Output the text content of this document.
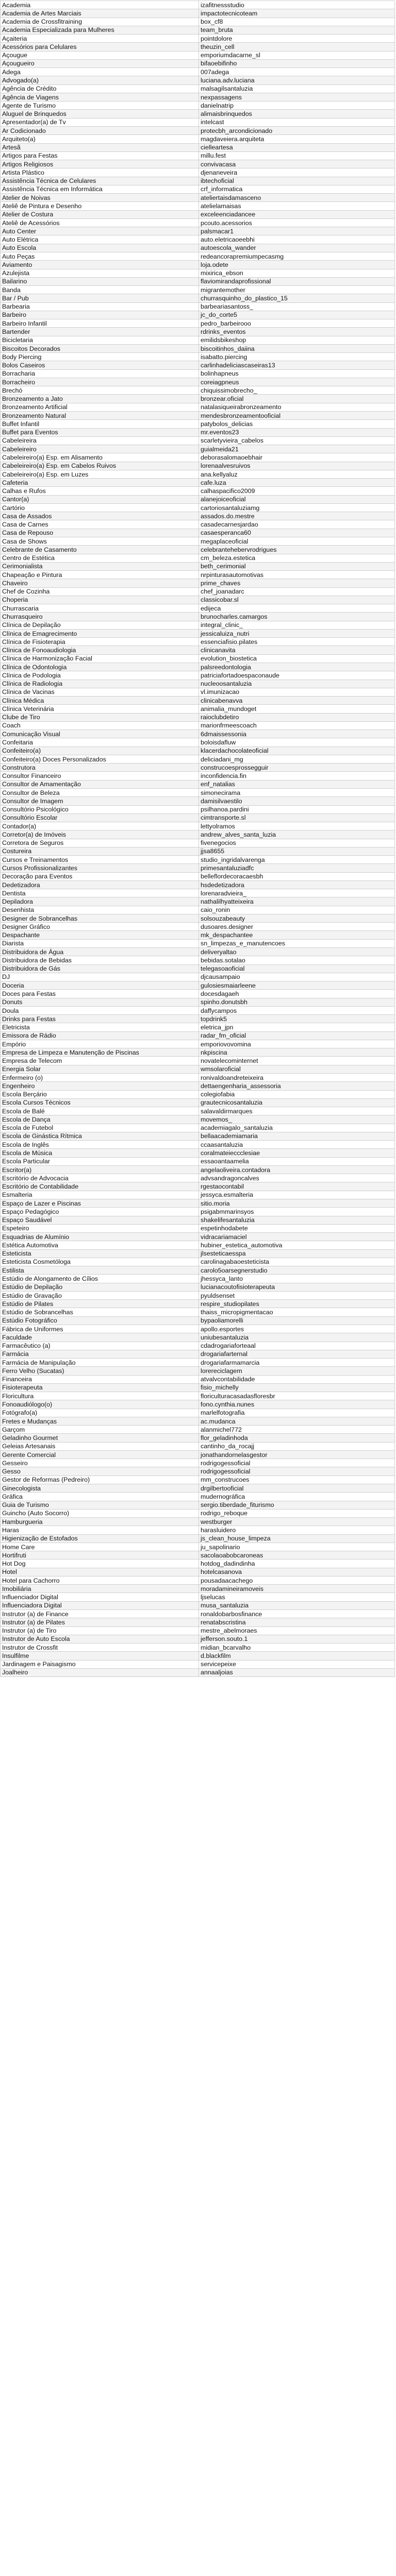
Academia	izafitnessstudio
Academia de Artes Marciais	impactotecnicoteam
Academia de Crossfitraining	box_cf8
Academia Especializada para Mulheres	team_bruta
Açaiteria	pointdolore
Acessórios para Celulares	theuzin_cell
Açougue	emporiumdacarne_sl
Açougueiro	bifaoebifinho
Adega	007adega
Advogado(a)	luciana.adv.luciana
Agência de Crédito	malsagilsantaluzia
Agência de Viagens	nexpassagens
Agente de Turismo	danielnatrip
Aluguel de Brinquedos	alimaisbrinquedos
Apresentador(a) de Tv	intelcast
Ar Codicionado	protecbh_arcondicionado
Arquiteto(a)	magdaveiera.arquiteta
Artesã	cielleartesa
Artigos para Festas	millu.fest
Artigos Religiosos	convivacasa
Artista Plástico	djenaneveira
Assistência Técnica de Celulares	ibtechoficial
Assistência Técnica em Informática	crf_informatica
Atelier de Noivas	ateliertaisdamasceno
Ateliê de Pintura e Desenho	atelielamaisas
Atelier de Costura	exceleenciadancee
Ateliê de Acessórios	pcouto.acessorios
Auto Center	palsmacar1
Auto Elétrica	auto.eletricaoeebhi
Auto Escola	autoescola_wander
Auto Peças	redeancorapremiumpecasmg
Aviamento	loja.odete
Azulejista	mixirica_ebson
Bailarino	flaviomirandaprofissional
Banda	migrantemother
Bar / Pub	churrasquinho_do_plastico_15
Barbearia	barbeariasantoss_
Barbeiro	jc_do_corte5
Barbeiro Infantil	pedro_barbeirooo
Bartender	rdrinks_eventos
Bicicletaria	emilidsbikeshop
Biscoitos Decorados	biscoitinhos_daiina
Body Piercing	isabatto.piercing
Bolos Caseiros	carlinhadeliciascaseiras13
Borracharia	bolinhapneus
Borracheiro	coreiagpneus
Brechó	chiquissimobrecho_
Bronzeamento a Jato	bronzear.oficial
Bronzeamento Artificial	natalasiqueirabronzeamento
Bronzeamento Natural	mendesbronzeamentooficial
Buffet Infantil	patybolos_delicias
Buffet para Eventos	mr.eventos23
Cabeleireira	scarletyvieira_cabelos
Cabeleireiro	guialmeida21
Cabeleireiro(a) Esp. em Alisamento	deborasalomaoebhair
Cabeleireiro(a) Esp. em Cabelos Ruivos	lorenaalvesruivos
Cabeleireiro(a) Esp. em Luzes	ana.kellyaluz
Cafeteria	cafe.luza
Calhas e Rufos	calhaspacifico2009
Cantor(a)	alanejoiceoficial
Cartório	cartoriosantaluziamg
Casa de Assados	assados.do.mestre
Casa de Carnes	casadecarnesjardao
Casa de Repouso	casaesperanca60
Casa de Shows	megaplaceoficial
Celebrante de Casamento	celebrantehebervrodrigues
Centro de Estética	cm_beleza.estetica
Cerimonialista	beth_cerimonial
Chapeação e Pintura	nrpinturasautomotivas
Chaveiro	prime_chaves
Chef de Cozinha	chef_joanadarc
Choperia	classicobar.sl
Churrascaria	edijeca
Churrasqueiro	brunocharles.camargos
Clínica de Depilação	integral_clinic_
Clínica de Emagrecimento	jessicaluiza_nutri
Clínica de Fisioterapia	essenciafisio.pilates
Clínica de Fonoaudiologia	clinicanavita
Clínica de Harmonização Facial	evolution_biostetica
Clínica de Odontologia	palsreedontologia
Clínica de Podologia	patriciafortadoespaconaude
Clínica de Radiologia	nucleoosantaluzia
Clínica de Vacinas	vl.imunizacao
Clínica Médica	clinicabenavva
Clínica Veterinária	animalia_mundoget
Clube de Tiro	raioclubdetiro
Coach	marionfrmeescoach
Comunicação Visual	6dmaissessonia
Confeitaria	boloisdafluw
Confeiteiro(a)	klacerdachocolateoficial
Confeiteiro(a) Doces Personalizados	deliciadani_mg
Construtora	construcoesprossegguir
Consultor Financeiro	inconfidencia.fin
Consultor de Amamentação	enf_natalias
Consultor de Beleza	simonecirama
Consultor de Imagem	damisilvaestilo
Consultório Psicológico	psilhanoa.pardini
Consultório Escolar	cimtransporte.sl
Contador(a)	lettyolramos
Corretor(a) de Imóveis	andrew_alves_santa_luzia
Corretora de Seguros	fivenegocios
Costureira	jjsa8655
Cursos e Treinamentos	studio_ingridalvarenga
Cursos Profissionalizantes	primesantaluziadfc
Decoração para Eventos	belleflordecoracaesbh
Dedetizadora	hsdedetizadora
Dentista	lorenaradvieira_
Depiladora	nathalilhyatteixeira
Desenhista	caio_ronin
Designer de Sobrancelhas	solsouzabeauty
Designer Gráfico	dusoares.designer
Despachante	mk_despachantee
Diarista	sn_limpezas_e_manutencoes
Distribuidora de Água	deliveryaltao
Distribuidora de Bebidas	bebidas.sotalao
Distribuidora de Gás	telegasoaoficial
DJ	djcausampaio
Doceria	gulosiesmaiarleene
Doces para Festas	docesdagaeh
Donuts	spinho.donutsbh
Doula	daffycampos
Drinks para Festas	topdrink5
Eletricista	eletrica_jpn
Emissora de Rádio	radar_fm_oficial
Empório	emporiovovomina
Empresa de Limpeza e Manutenção de Piscinas	nkpiscina
Empresa de Telecom	novatelecominternet
Energia Solar	wmsolaroficial
Enfermeiro (o)	ronivaldoandreteixeira
Engenheiro	dettaengenharia_assessoria
Escola Berçário	colegiofabia
Escola Cursos Técnicos	grautecnicosantaluzia
Escola de Balé	salavaldirmarques
Escola de Dança	movemos_
Escola de Futebol	academiagalo_santaluzia
Escola de Ginástica Rítmica	bellaacademiamaria
Escola de Inglês	ccaasantaluzia
Escola de Música	coralmateieccclesiae
Escola Particular	essaoantaamelia
Escritor(a)	angelaoliveira.contadora
Escritório de Advocacia	advsandragoncalves
Escritório de Contabilidade	rgestaocontabil
Esmalteria	jessyca.esmalteria
Espaço de Lazer e Piscinas	sitio.moria
Espaço Pedagógico	psigabmmarinsyos
Espaço Saudável	shakelifesantaluzia
Espeteiro	espetinhodabete
Esquadrias de Alumínio	vidracariamaciel
Estética Automotiva	hubiner_estetica_automotiva
Esteticista	jlsesteticaesspa
Esteticista Cosmetóloga	carolinagabaoesteticista
Estilista	carolo5oarsegnerstudio
Estúdio de Alongamento de Cílios	jhessyca_lanto
Estúdio de Depilação	lucianacoutofisioterapeuta
Estúdio de Gravação	pyuldsenset
Estúdio de Pilates	respire_studiopilates
Estúdio de Sobrancelhas	thaiss_micropigmentacao
Estúdio Fotográfico	bypaoliamorelli
Fábrica de Uniformes	apollo.esportes
Faculdade	uniubesantaluzia
Farmacêutico (a)	cdadrogariaforteaal
Farmácia	drogariafarternal
Farmácia de Manipulação	drogariafarmamarcia
Ferro Velho (Sucatas)	lorereciclagem
Financeira	atvalvcontabilidade
Fisioterapeuta	fisio_michelly
Floricultura	floriculturacasadasfloresbr
Fonoaudiólogo(o)	fono.cynthia.nunes
Fotógrafo(a)	marlelfotografia
Fretes e Mudanças	ac.mudanca
Garçom	alanmichel772
Geladinho Gourmet	flor_geladinhoda
Geleias Artesanais	cantinho_da_rocajj
Gerente Comercial	jonathandornelasgestor
Gesseiro	rodrigogessoficial
Gesso	rodrigogessoficial
Gestor de Reformas (Pedreiro)	mm_construcoes
Ginecologista	drgilbertooficial
Gráfica	mudernográfica
Guia de Turismo	sergio.tiberdade_fiturismo
Guincho (Auto Socorro)	rodrigo_reboque
Hamburgueria	westburger
Haras	harasluidero
Higienização de Estofados	js_clean_house_limpeza
Home Care	ju_sapolinario
Hortifruti	sacolaoabobcaroneas
Hot Dog	hotdog_dadindinha
Hotel	hotelcasanova
Hotel para Cachorro	pousadaacachego
Imobiliária	moradamineiramoveis
Influenciador Digital	ljselucas
Influenciadora Digital	musa_santaluzia
Instrutor (a) de Finance	ronaldobarbosfinance
Instrutor (a) de Pilates	renatabscristina
Instrutor (a) de Tiro	mestre_abelmoraes
Instrutor de Auto Escola	jefferson.souto.1
Instrutor de Crossfit	midian_bcarvalho
Insulfilme	d.blackfilm
Jardinagem e Paisagismo	servicepeixe
Joalheiro	annaaljoias
